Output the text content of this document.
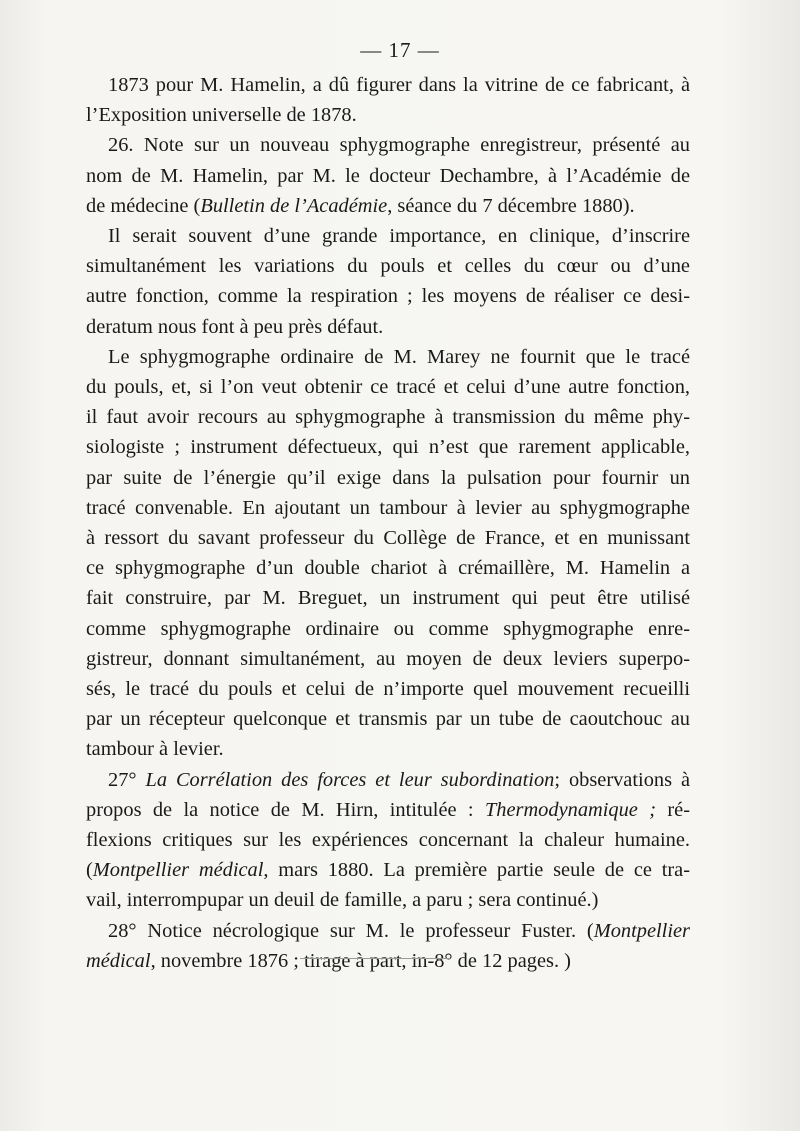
— 17 —
1873 pour M. Hamelin, a dû figurer dans la vitrine de ce fabricant, à
l’Exposition universelle de 1878.
26. Note sur un nouveau sphygmographe enregistreur, présenté au
nom de M. Hamelin, par M. le docteur Dechambre, à l’Académie de
de médecine (Bulletin de l’Académie, séance du 7 décembre 1880).
Il serait souvent d’une grande importance, en clinique, d’inscrire
simultanément les variations du pouls et celles du cœur ou d’une
autre fonction, comme la respiration ; les moyens de réaliser ce desi-
deratum nous font à peu près défaut.
Le sphygmographe ordinaire de M. Marey ne fournit que le tracé
du pouls, et, si l’on veut obtenir ce tracé et celui d’une autre fonction,
il faut avoir recours au sphygmographe à transmission du même phy-
siologiste ; instrument défectueux, qui n’est que rarement applicable,
par suite de l’énergie qu’il exige dans la pulsation pour fournir un
tracé convenable. En ajoutant un tambour à levier au sphygmographe
à ressort du savant professeur du Collège de France, et en munissant
ce sphygmographe d’un double chariot à crémaillère, M. Hamelin a
fait construire, par M. Breguet, un instrument qui peut être utilisé
comme sphygmographe ordinaire ou comme sphygmographe enre-
gistreur, donnant simultanément, au moyen de deux leviers superpo-
sés, le tracé du pouls et celui de n’importe quel mouvement recueilli
par un récepteur quelconque et transmis par un tube de caoutchouc au
tambour à levier.
27° La Corrélation des forces et leur subordination; observations à
propos de la notice de M. Hirn, intitulée : Thermodynamique ; ré-
flexions critiques sur les expériences concernant la chaleur humaine.
(Montpellier médical, mars 1880. La première partie seule de ce tra-
vail, interrompupar un deuil de famille, a paru ; sera continué.)
28° Notice nécrologique sur M. le professeur Fuster. (Montpellier
médical, novembre 1876 ; tirage à part, in-8° de 12 pages. )
